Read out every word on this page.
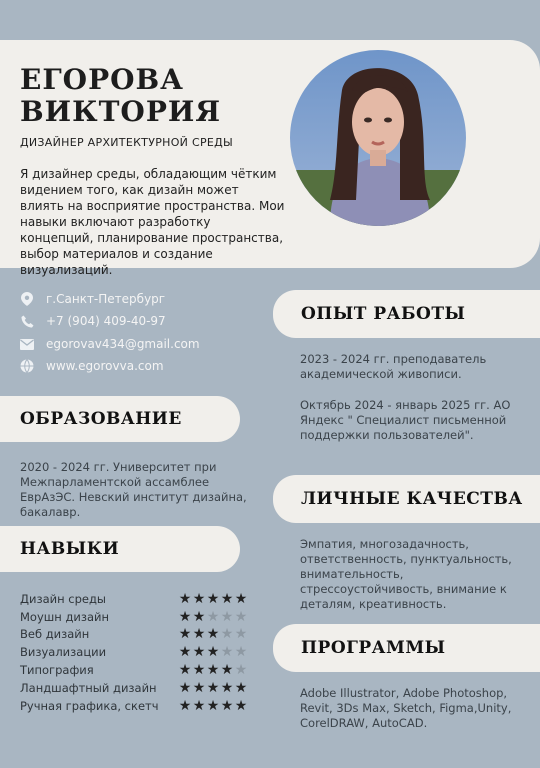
ЕГОРОВА
ВИКТОРИЯ
ДИЗАЙНЕР АРХИТЕКТУРНОЙ СРЕДЫ
Я дизайнер среды, обладающим чётким видением того, как дизайн может влиять на восприятие пространства. Мои навыки включают разработку концепций, планирование пространства, выбор материалов и создание визуализаций.
г.Санкт-Петербург
+7 (904) 409-40-97
egorovav434@gmail.com
www.egorovva.com
ОБРАЗОВАНИЕ
2020 - 2024 гг. Университет при Межпарламентской ассамблее ЕврАзЭС. Невский институт дизайна, бакалавр.
НАВЫКИ
Дизайн среды	★ ★ ★ ★ ★
Моушн дизайн	★ ★ ★ ★ ★
Веб дизайн	★ ★ ★ ★ ★
Визуализации	★ ★ ★ ★ ★
Типография	★ ★ ★ ★ ★
Ландшафтный дизайн ★ ★ ★ ★ ★
Ручная графика, скетч ★ ★ ★ ★ ★
ОПЫТ РАБОТЫ
2023 - 2024 гг. преподаватель академической живописи.
Октябрь 2024 - январь 2025 гг. АО Яндекс " Специалист письменной поддержки пользователей".
ЛИЧНЫЕ КАЧЕСТВА
Эмпатия, многозадачность, ответственность, пунктуальность, внимательность, стрессоустойчивость, внимание к деталям, креативность.
ПРОГРАММЫ
Adobe Illustrator, Adobe Photoshop, Revit, 3Ds Max, Sketch, Figma,Unity, CorelDRAW, AutoCAD.
